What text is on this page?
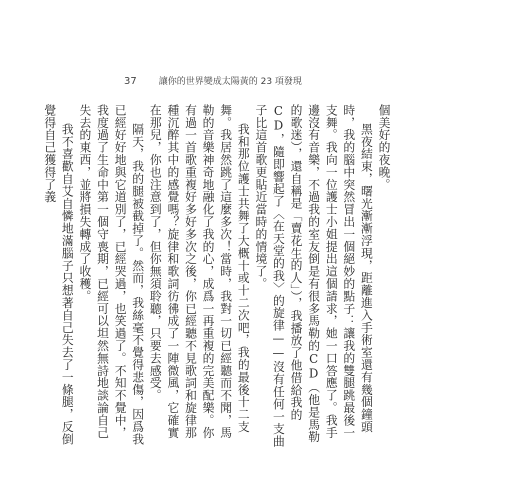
37 讓你的世界變成太陽黃的 23 項發現

個美好的夜晚。

黑夜結束，曙光漸漸浮現，距離進入手術室還有幾個鐘頭時，我的腦中突然冒出一個絕妙的點子：讓我的雙腿跳最後一支舞。我向一位護士小姐提出這個請求，她一口答應了。我手邊沒有音樂，不過我的室友倒是有很多馬勒的CD（他是馬勒的歌迷），還自稱是「賣花生的人」），我播放了他借給我的CD，隨即響起了〈在天堂的我〉的旋律——沒有任何一支曲子比這首歌更貼近當時的情境了。

我和那位護士共舞了大概十或十二次吧，我的最後十二支舞。我居然跳了這麼多次！當時，我對一切已經聽而不聞，馬勒的音樂神奇地融化了我的心，成爲一再重複的完美配樂。你有過一首歌重複好多好多次之後，你已經聽不見歌詞和旋律那種沉醉其中的感覺嗎？旋律和歌詞彷彿成了一陣微風，它確實在那兒，你也注意到了，但你無須聆聽，只要去感受。

隔天，我的腿被截掉了。然而，我絲毫不覺得悲傷，因爲我已經好好地與它道別了，已經哭過，也笑過了。不知不覺中，我度過了生命中第一個守喪期，已經可以坦然無詩地談論自己失去的東西，並將損失轉成了收穫。

我不喜歡自艾自憐地滿腦子只想著自己失去了一條腿，反倒覺得自己獲得了義
